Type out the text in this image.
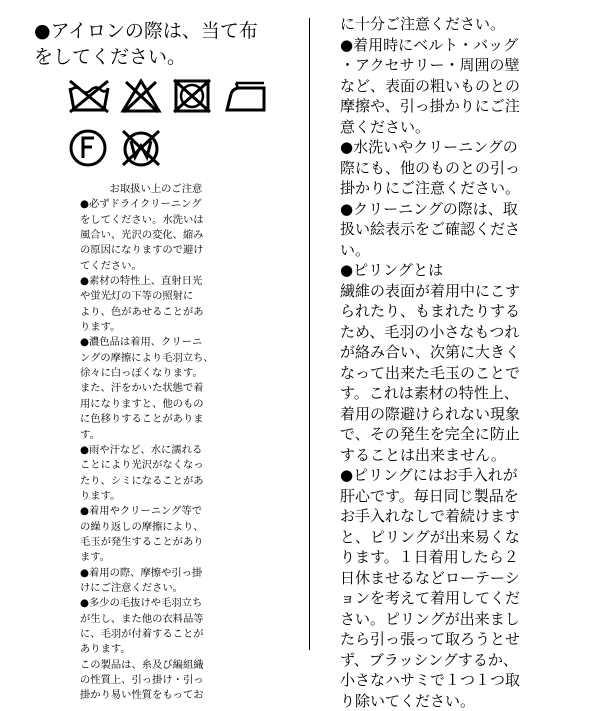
●アイロンの際は、当て布
をしてください。

お取扱い上のご注意

●必ずドライクリーニング
をしてください。水洗いは
風合い、光沢の変化、縮み
の原因になりますので避け
てください。

●素材の特性上、直射日光
や蛍光灯の下等の照射に
より、色があせることがあ
ります。

●濃色品は着用、クリーニ
ングの摩擦により毛羽立ち、
徐々に白っぽくなります。
また、汗をかいた状態で着
用になりますと、他のもの
に色移りすることがありま
す。

●雨や汗など、水に濡れる
ことにより光沢がなくなっ
たり、シミになることがあ
ります。

●着用やクリーニング等で
の繰り返しの摩擦により、
毛玉が発生することがあり
ます。

●着用の際、摩擦や引っ掛
けにご注意ください。

●多少の毛抜けや毛羽立ち
が生し、また他の衣料品等
に、毛羽が付着することが
あります。

この製品は、糸及び編組織
の性質上、引っ掛け・引っ
掛かり易い性質をもってお

に十分ご注意ください。

●着用時にベルト・バッグ
・アクセサリー・周囲の壁
など、表面の粗いものとの
摩擦や、引っ掛かりにご注
意ください。

●水洗いやクリーニングの
際にも、他のものとの引っ
掛かりにご注意ください。

●クリーニングの際は、取
扱い絵表示をご確認くださ
い。

●ピリングとは
繊維の表面が着用中にこす
られたり、もまれたりする
ため、毛羽の小さなもつれ
が絡み合い、次第に大きく
なって出来た毛玉のことで
す。これは素材の特性上、
着用の際避けられない現象
で、その発生を完全に防止
することは出来ません。

●ピリングにはお手入れが
肝心です。毎日同じ製品を
お手入れなしで着続けます
と、ピリングが出来易くな
ります。１日着用したら２
日休ませるなどローテーシ
ョンを考えて着用してくだ
さい。ピリングが出来まし
たら引っ張って取ろうとせ
ず、ブラッシングするか、
小さなハサミで１つ１つ取
り除いてください。
